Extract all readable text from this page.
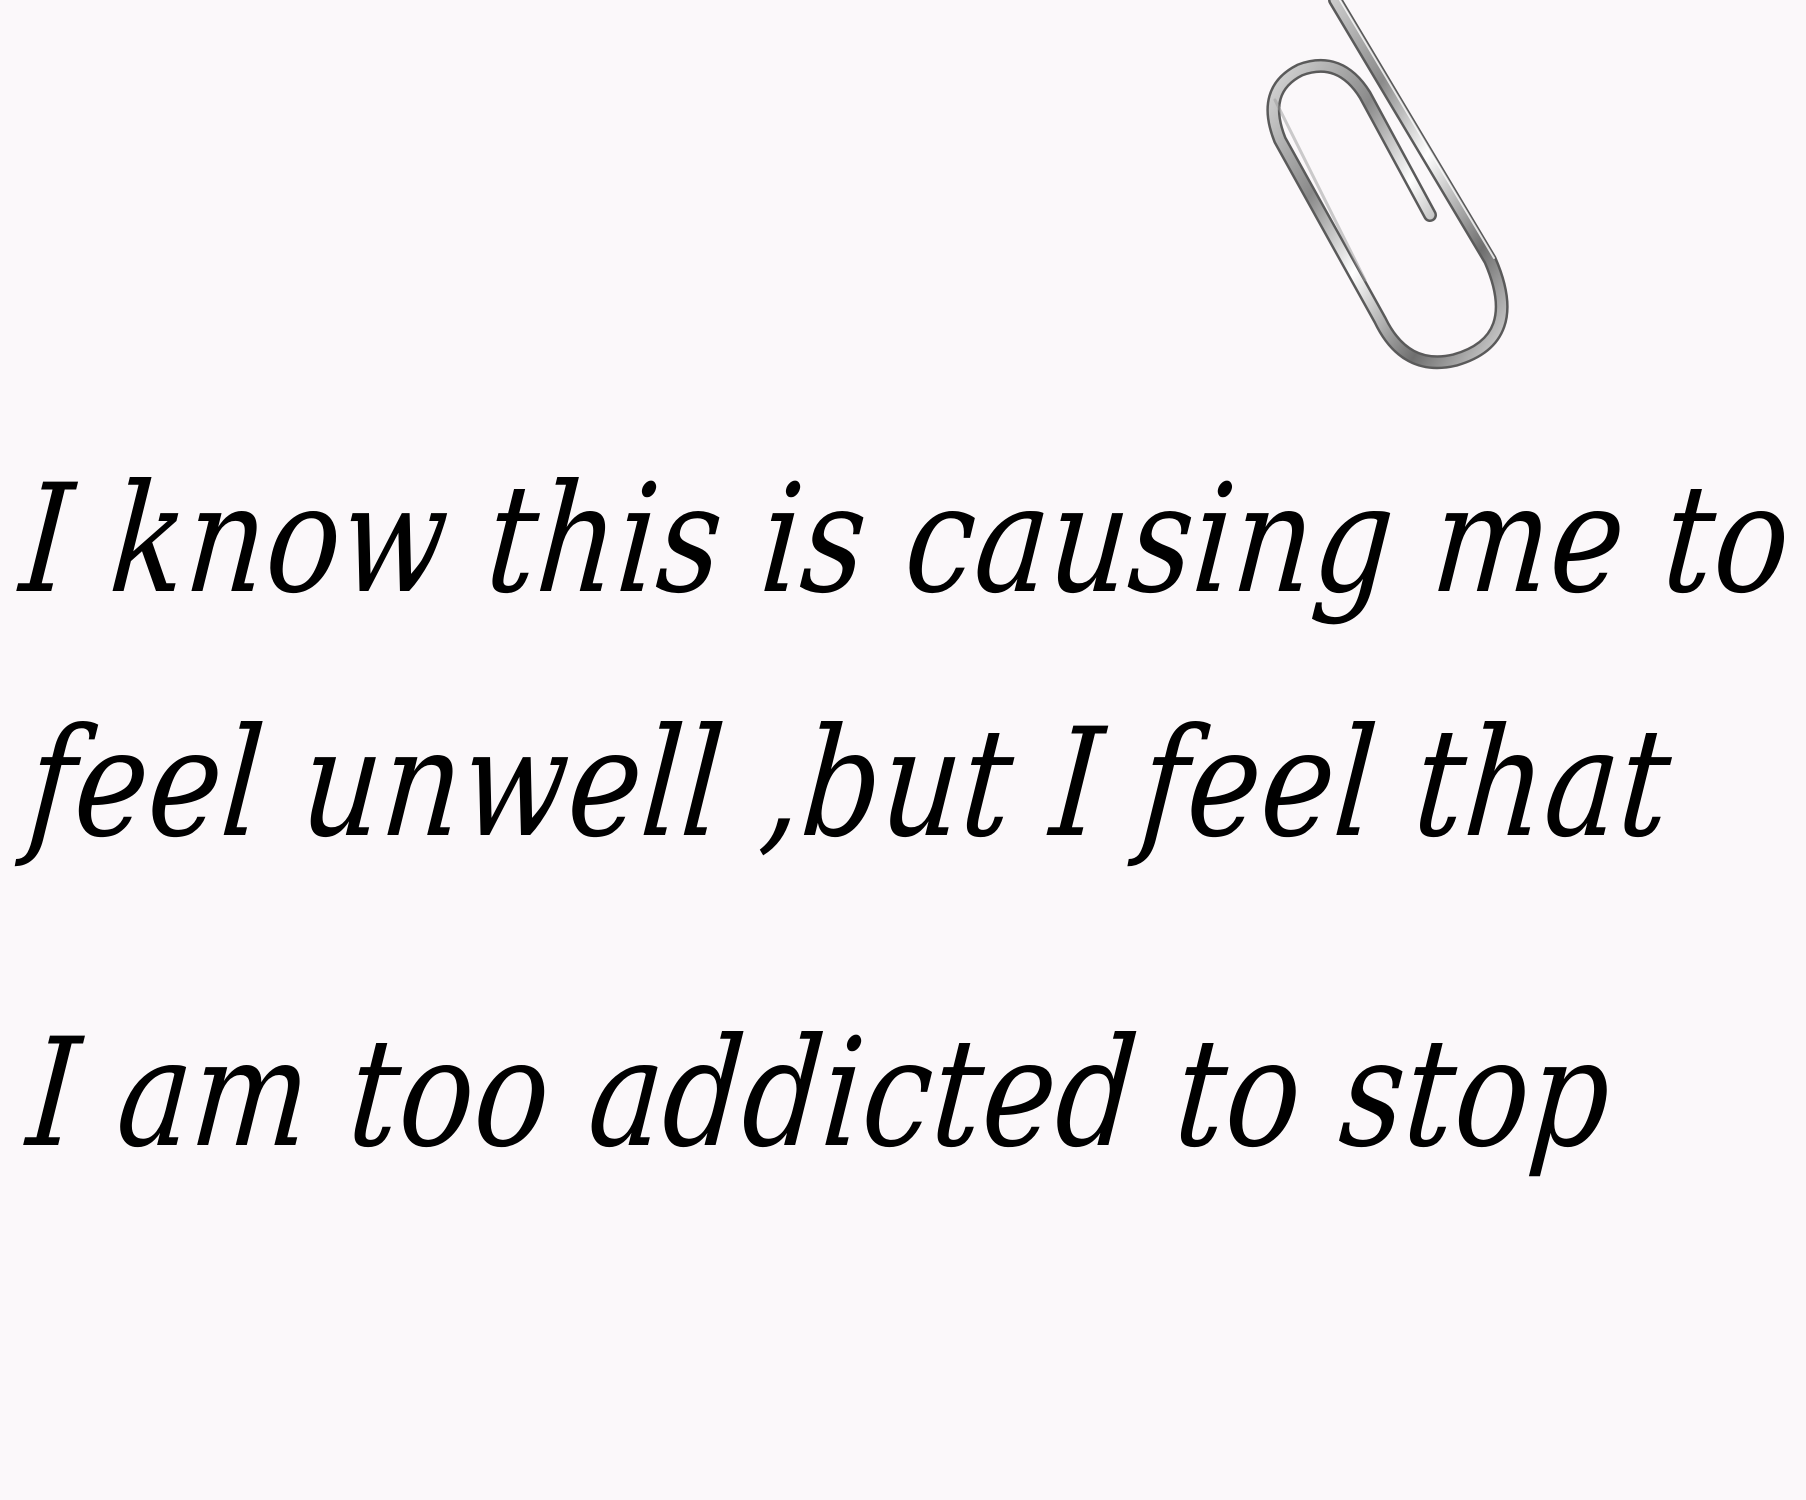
I know this is causing me to
feel unwell ,but I feel that
I am too addicted to stop
